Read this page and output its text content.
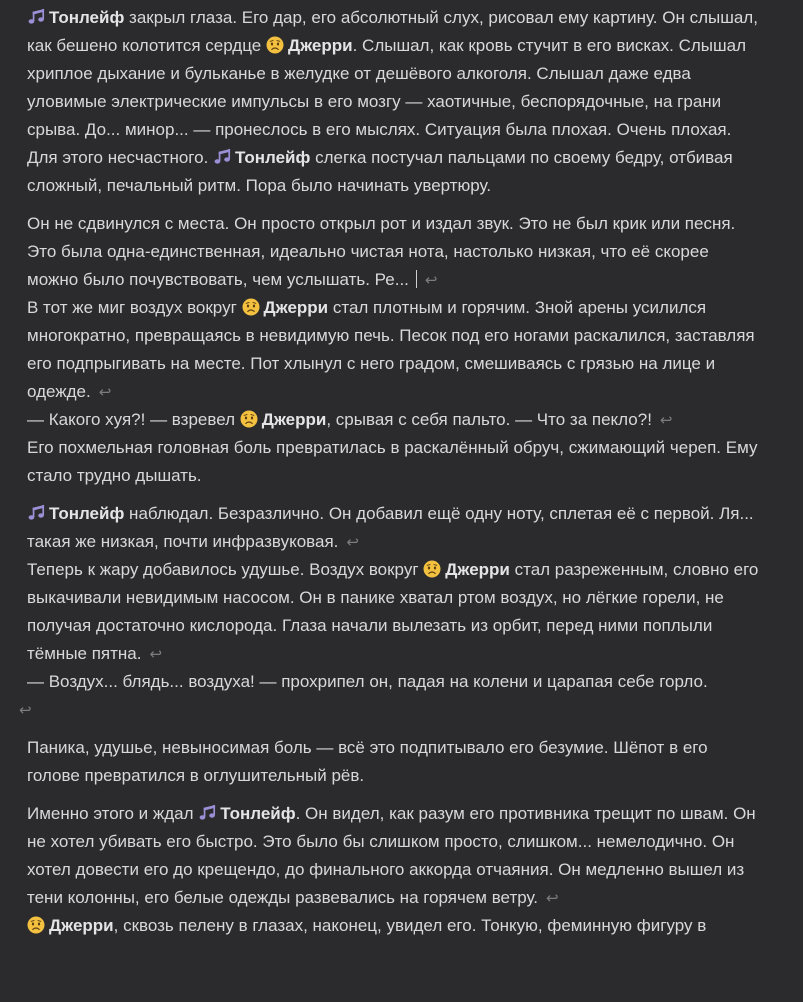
Тонлейф закрыл глаза. Его дар, его абсолютный слух, рисовал ему картину. Он слышал, как бешено колотится сердце Джерри. Слышал, как кровь стучит в его висках. Слышал хриплое дыхание и бульканье в желудке от дешёвого алкоголя. Слышал даже едва уловимые электрические импульсы в его мозгу — хаотичные, беспорядочные, на грани срыва. До... минор... — пронеслось в его мыслях. Ситуация была плохая. Очень плохая. Для этого несчастного. Тонлейф слегка постучал пальцами по своему бедру, отбивая сложный, печальный ритм. Пора было начинать увертюру.

Он не сдвинулся с места. Он просто открыл рот и издал звук. Это не был крик или песня. Это была одна-единственная, идеально чистая нота, настолько низкая, что её скорее можно было почувствовать, чем услышать. Ре... ↩

В тот же миг воздух вокруг Джерри стал плотным и горячим. Зной арены усилился многократно, превращаясь в невидимую печь. Песок под его ногами раскалился, заставляя его подпрыгивать на месте. Пот хлынул с него градом, смешиваясь с грязью на лице и одежде. ↩

— Какого хуя?! — взревел Джерри, срывая с себя пальто. — Что за пекло?! ↩

Его похмельная головная боль превратилась в раскалённый обруч, сжимающий череп. Ему стало трудно дышать.

Тонлейф наблюдал. Безразлично. Он добавил ещё одну ноту, сплетая её с первой. Ля... такая же низкая, почти инфразвуковая. ↩

Теперь к жару добавилось удушье. Воздух вокруг Джерри стал разреженным, словно его выкачивали невидимым насосом. Он в панике хватал ртом воздух, но лёгкие горели, не получая достаточно кислорода. Глаза начали вылезать из орбит, перед ними поплыли тёмные пятна. ↩

— Воздух... блядь... воздуха! — прохрипел он, падая на колени и царапая себе горло.
↩

Паника, удушье, невыносимая боль — всё это подпитывало его безумие. Шёпот в его голове превратился в оглушительный рёв.

Именно этого и ждал Тонлейф. Он видел, как разум его противника трещит по швам. Он не хотел убивать его быстро. Это было бы слишком просто, слишком... немелодично. Он хотел довести его до крещендо, до финального аккорда отчаяния. Он медленно вышел из тени колонны, его белые одежды развевались на горячем ветру. ↩

Джерри, сквозь пелену в глазах, наконец, увидел его. Тонкую, феминную фигуру в
